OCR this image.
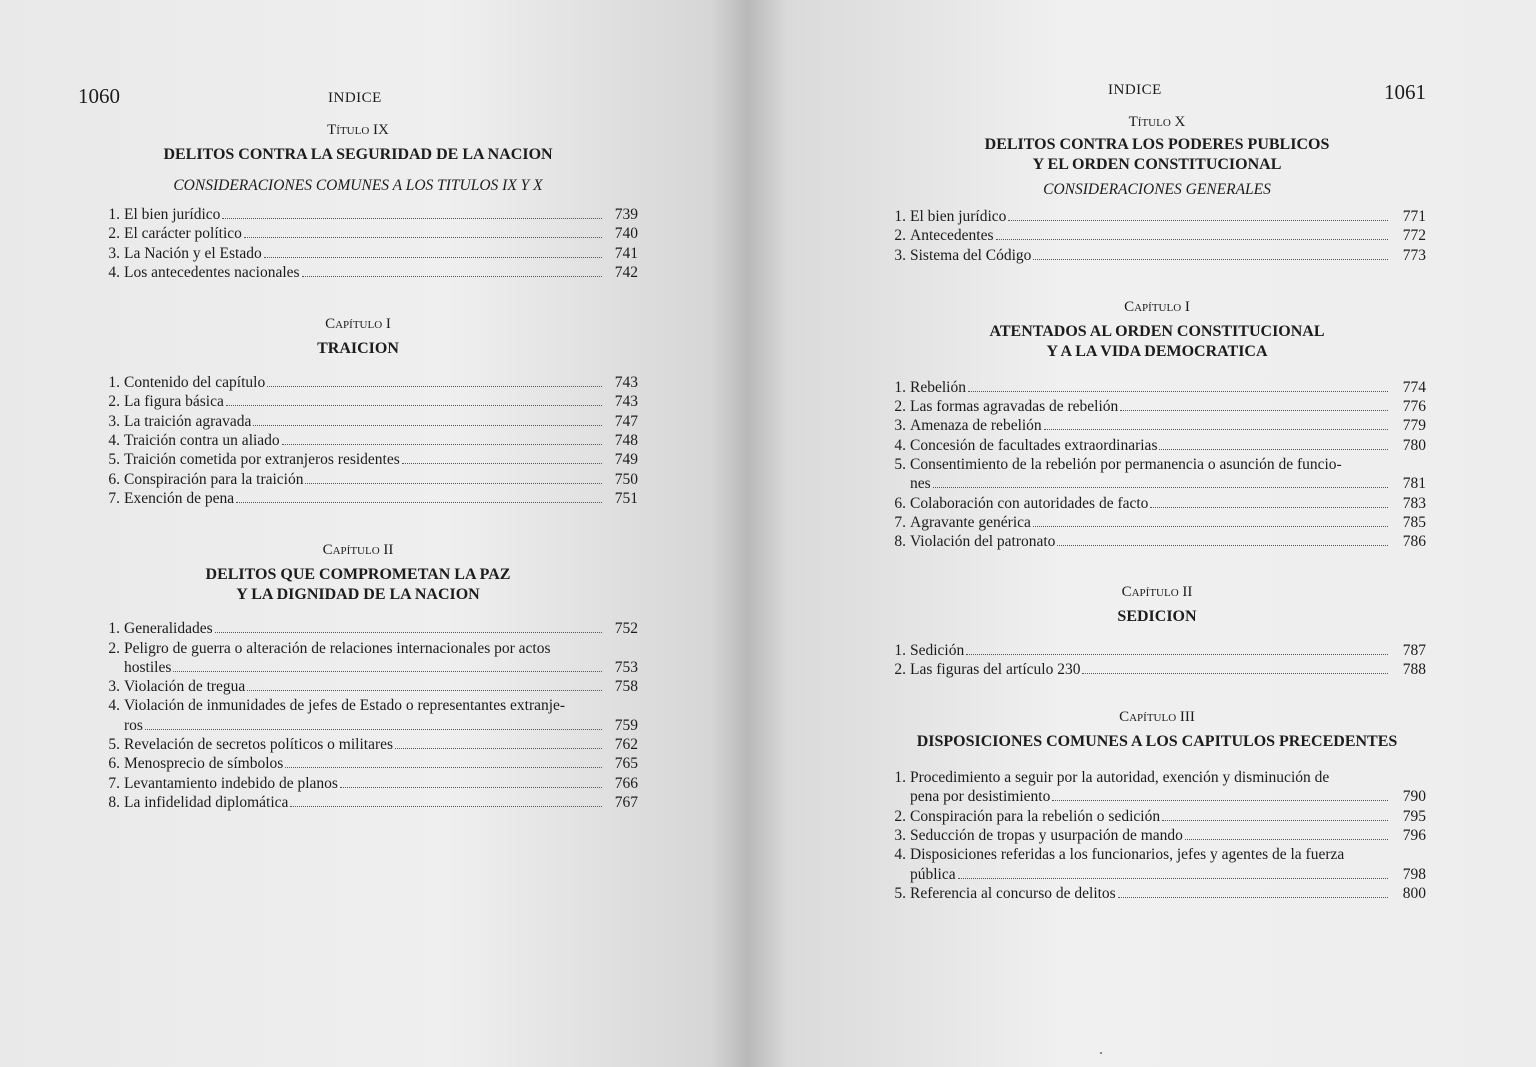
1060	INDICE
Título IX
DELITOS CONTRA LA SEGURIDAD DE LA NACION
CONSIDERACIONES COMUNES A LOS TITULOS IX Y X
1. El bien jurídico	739
2. El carácter político	740
3. La Nación y el Estado	741
4. Los antecedentes nacionales	742
Capítulo I
TRAICION
1. Contenido del capítulo	743
2. La figura básica	743
3. La traición agravada	747
4. Traición contra un aliado	748
5. Traición cometida por extranjeros residentes	749
6. Conspiración para la traición	750
7. Exención de pena	751
Capítulo II
DELITOS QUE COMPROMETAN LA PAZ
Y LA DIGNIDAD DE LA NACION
1. Generalidades	752
2. Peligro de guerra o alteración de relaciones internacionales por actos
hostiles	753
3. Violación de tregua	758
4. Violación de inmunidades de jefes de Estado o representantes extranje-
ros	759
5. Revelación de secretos políticos o militares	762
6. Menosprecio de símbolos	765
7. Levantamiento indebido de planos	766
8. La infidelidad diplomática	767
INDICE	1061
Título X
DELITOS CONTRA LOS PODERES PUBLICOS
Y EL ORDEN CONSTITUCIONAL
CONSIDERACIONES GENERALES
1. El bien jurídico	771
2. Antecedentes	772
3. Sistema del Código	773
Capítulo I
ATENTADOS AL ORDEN CONSTITUCIONAL
Y A LA VIDA DEMOCRATICA
1. Rebelión	774
2. Las formas agravadas de rebelión	776
3. Amenaza de rebelión	779
4. Concesión de facultades extraordinarias	780
5. Consentimiento de la rebelión por permanencia o asunción de funcio-
nes	781
6. Colaboración con autoridades de facto	783
7. Agravante genérica	785
8. Violación del patronato	786
Capítulo II
SEDICION
1. Sedición	787
2. Las figuras del artículo 230	788
Capítulo III
DISPOSICIONES COMUNES A LOS CAPITULOS PRECEDENTES
1. Procedimiento a seguir por la autoridad, exención y disminución de
pena por desistimiento	790
2. Conspiración para la rebelión o sedición	795
3. Seducción de tropas y usurpación de mando	796
4. Disposiciones referidas a los funcionarios, jefes y agentes de la fuerza
pública	798
5. Referencia al concurso de delitos	800
